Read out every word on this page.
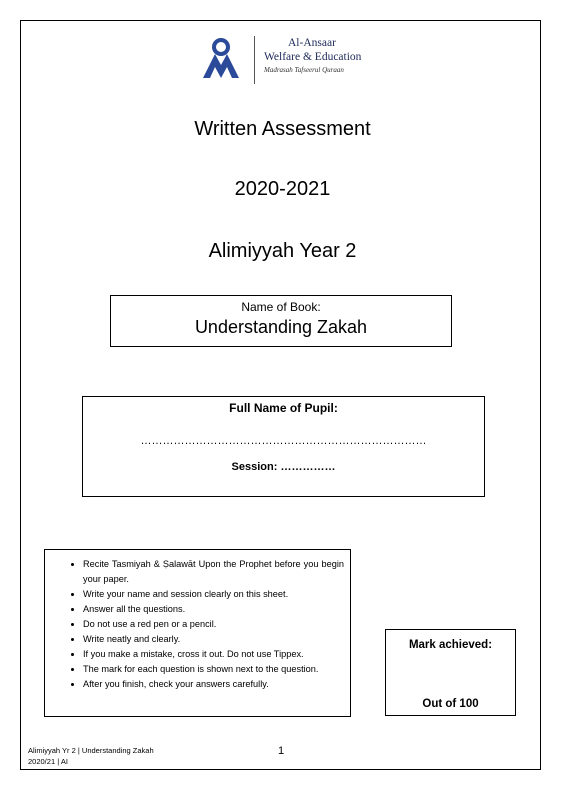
Al-Ansaar
Welfare & Education
Madrasah Tafseerul Quraan
Written Assessment
2020-2021
Alimiyyah Year 2
Name of Book:
Understanding Zakah
Full Name of Pupil:
……………………………………………………………………
Session: ……………
• Recite Tasmiyah & Ṣalawāt Upon the Prophet before you begin your paper.
• Write your name and session clearly on this sheet.
• Answer all the questions.
• Do not use a red pen or a pencil.
• Write neatly and clearly.
• If you make a mistake, cross it out. Do not use Tippex.
• The mark for each question is shown next to the question.
• After you finish, check your answers carefully.
Mark achieved:
Out of 100
Alimiyyah Yr 2 | Understanding Zakah
2020/21 | AI
1
